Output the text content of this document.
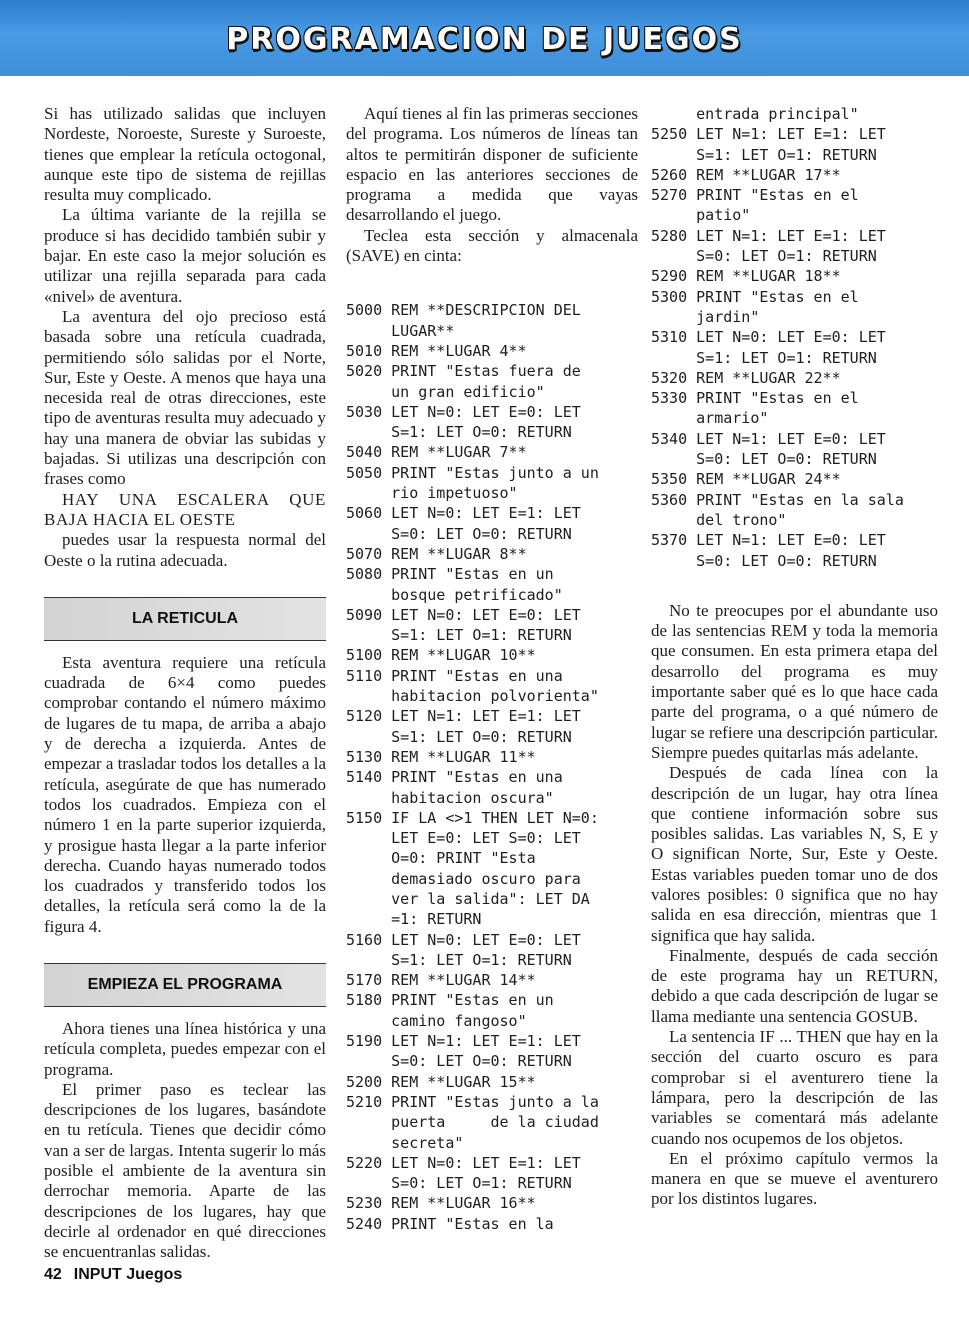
PROGRAMACION DE JUEGOS

Si has utilizado salidas que incluyen Nordeste, Noroeste, Sureste y Suroeste, tienes que emplear la retícula octogonal, aunque este tipo de sistema de rejillas resulta muy complicado.

La última variante de la rejilla se produce si has decidido también subir y bajar. En este caso la mejor solución es utilizar una rejilla separada para cada «nivel» de aventura.

La aventura del ojo precioso está basada sobre una retícula cuadrada, permitiendo sólo salidas por el Norte, Sur, Este y Oeste. A menos que haya una necesida real de otras direcciones, este tipo de aventuras resulta muy adecuado y hay una manera de obviar las subidas y bajadas. Si utilizas una descripción con frases como

HAY UNA ESCALERA QUE BAJA HACIA EL OESTE

puedes usar la respuesta normal del Oeste o la rutina adecuada.

LA RETICULA

Esta aventura requiere una retícula cuadrada de 6×4 como puedes comprobar contando el número máximo de lugares de tu mapa, de arriba a abajo y de derecha a izquierda. Antes de empezar a trasladar todos los detalles a la retícula, asegúrate de que has numerado todos los cuadrados. Empieza con el número 1 en la parte superior izquierda, y prosigue hasta llegar a la parte inferior derecha. Cuando hayas numerado todos los cuadrados y transferido todos los detalles, la retícula será como la de la figura 4.

EMPIEZA EL PROGRAMA

Ahora tienes una línea histórica y una retícula completa, puedes empezar con el programa.

El primer paso es teclear las descripciones de los lugares, basándote en tu retícula. Tienes que decidir cómo van a ser de largas. Intenta sugerir lo más posible el ambiente de la aventura sin derrochar memoria. Aparte de las descripciones de los lugares, hay que decirle al ordenador en qué direcciones se encuentranlas salidas.

Aquí tienes al fin las primeras secciones del programa. Los números de líneas tan altos te permitirán disponer de suficiente espacio en las anteriores secciones de programa a medida que vayas desarrollando el juego.

Teclea esta sección y almacenala (SAVE) en cinta:

5000 REM **DESCRIPCION DEL
LUGAR**
5010 REM **LUGAR 4**
5020 PRINT "Estas fuera de
un gran edificio"
5030 LET N=0: LET E=0: LET
S=1: LET O=0: RETURN
5040 REM **LUGAR 7**
5050 PRINT "Estas junto a un
rio impetuoso"
5060 LET N=0: LET E=1: LET
S=0: LET O=0: RETURN
5070 REM **LUGAR 8**
5080 PRINT "Estas en un
bosque petrificado"
5090 LET N=0: LET E=0: LET
S=1: LET O=1: RETURN
5100 REM **LUGAR 10**
5110 PRINT "Estas en una
habitacion polvorienta"
5120 LET N=1: LET E=1: LET
S=1: LET O=0: RETURN
5130 REM **LUGAR 11**
5140 PRINT "Estas en una
habitacion oscura"
5150 IF LA <>1 THEN LET N=0:
LET E=0: LET S=0: LET
O=0: PRINT "Esta
demasiado oscuro para
ver la salida": LET DA
=1: RETURN
5160 LET N=0: LET E=0: LET
S=1: LET O=1: RETURN
5170 REM **LUGAR 14**
5180 PRINT "Estas en un
camino fangoso"
5190 LET N=1: LET E=1: LET
S=0: LET O=0: RETURN
5200 REM **LUGAR 15**
5210 PRINT "Estas junto a la
puerta     de la ciudad
secreta"
5220 LET N=0: LET E=1: LET
S=0: LET O=1: RETURN
5230 REM **LUGAR 16**
5240 PRINT "Estas en la
entrada principal"
5250 LET N=1: LET E=1: LET
S=1: LET O=1: RETURN
5260 REM **LUGAR 17**
5270 PRINT "Estas en el
patio"
5280 LET N=1: LET E=1: LET
S=0: LET O=1: RETURN
5290 REM **LUGAR 18**
5300 PRINT "Estas en el
jardin"
5310 LET N=0: LET E=0: LET
S=1: LET O=1: RETURN
5320 REM **LUGAR 22**
5330 PRINT "Estas en el
armario"
5340 LET N=1: LET E=0: LET
S=0: LET O=0: RETURN
5350 REM **LUGAR 24**
5360 PRINT "Estas en la sala
del trono"
5370 LET N=1: LET E=0: LET
S=0: LET O=0: RETURN

No te preocupes por el abundante uso de las sentencias REM y toda la memoria que consumen. En esta primera etapa del desarrollo del programa es muy importante saber qué es lo que hace cada parte del programa, o a qué número de lugar se refiere una descripción particular. Siempre puedes quitarlas más adelante.

Después de cada línea con la descripción de un lugar, hay otra línea que contiene información sobre sus posibles salidas. Las variables N, S, E y O significan Norte, Sur, Este y Oeste. Estas variables pueden tomar uno de dos valores posibles: 0 significa que no hay salida en esa dirección, mientras que 1 significa que hay salida.

Finalmente, después de cada sección de este programa hay un RETURN, debido a que cada descripción de lugar se llama mediante una sentencia GOSUB.

La sentencia IF ... THEN que hay en la sección del cuarto oscuro es para comprobar si el aventurero tiene la lámpara, pero la descripción de las variables se comentará más adelante cuando nos ocupemos de los objetos.

En el próximo capítulo vermos la manera en que se mueve el aventurero por los distintos lugares.

42 INPUT Juegos
